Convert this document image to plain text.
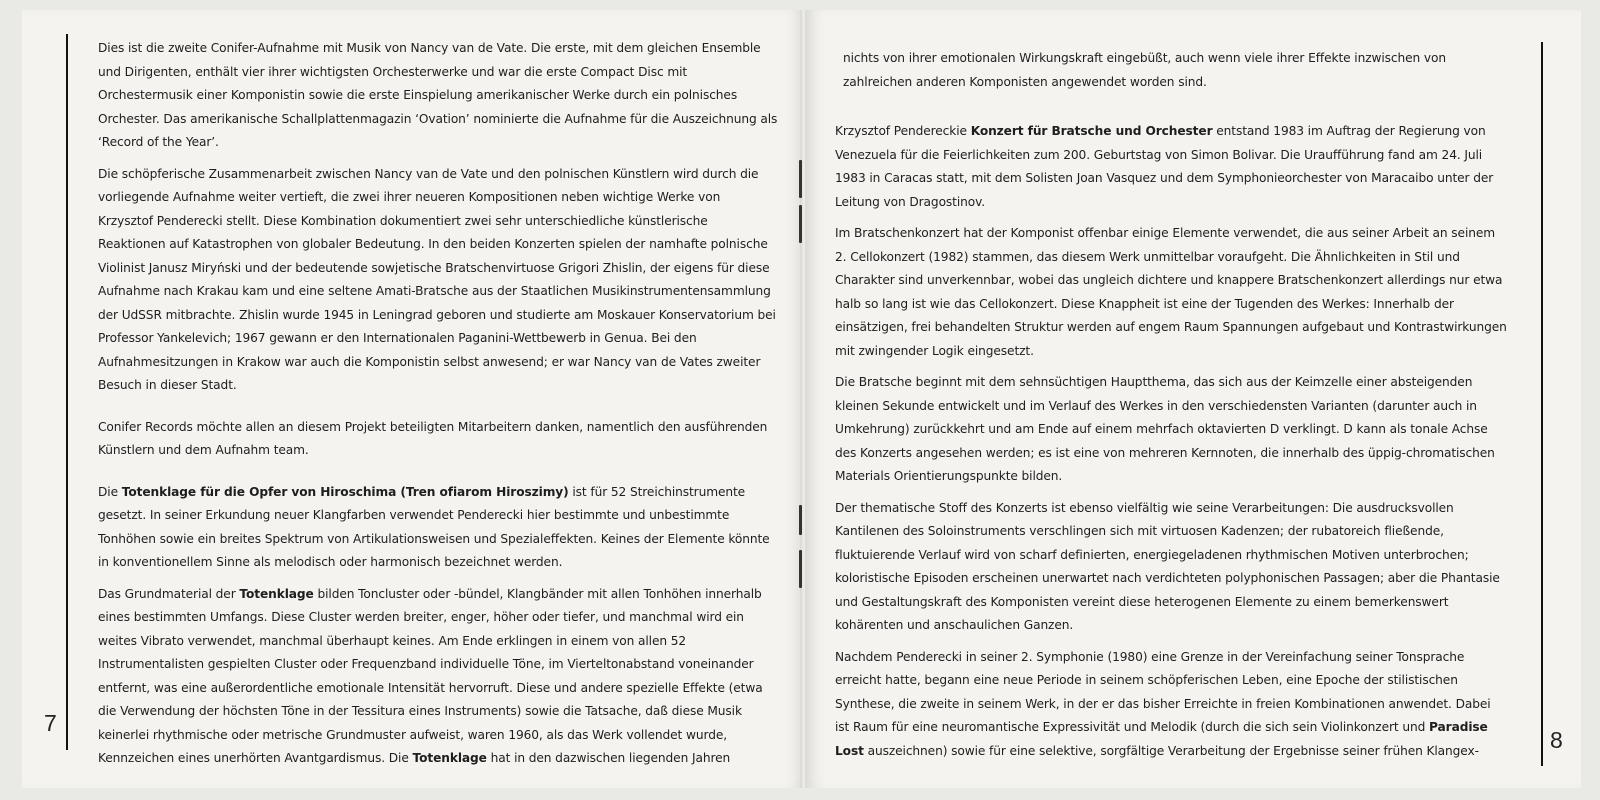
7

Dies ist die zweite Conifer-Aufnahme mit Musik von Nancy van de Vate. Die erste, mit dem gleichen Ensemble und Dirigenten, enthält vier ihrer wichtigsten Orchesterwerke und war die erste Compact Disc mit Orchestermusik einer Komponistin sowie die erste Einspielung amerikanischer Werke durch ein polnisches Orchester. Das amerikanische Schallplattenmagazin ‘Ovation’ nominierte die Aufnahme für die Auszeichnung als ‘Record of the Year’.

Die schöpferische Zusammenarbeit zwischen Nancy van de Vate und den polnischen Künstlern wird durch die vorliegende Aufnahme weiter vertieft, die zwei ihrer neueren Kompositionen neben wichtige Werke von Krzysztof Penderecki stellt. Diese Kombination dokumentiert zwei sehr unterschiedliche künstlerische Reaktionen auf Katastrophen von globaler Bedeutung. In den beiden Konzerten spielen der namhafte polnische Violinist Janusz Miryński und der bedeutende sowjetische Bratschenvirtuose Grigori Zhislin, der eigens für diese Aufnahme nach Krakau kam und eine seltene Amati-Bratsche aus der Staatlichen Musikinstrumentensammlung der UdSSR mitbrachte. Zhislin wurde 1945 in Leningrad geboren und studierte am Moskauer Konservatorium bei Professor Yankelevich; 1967 gewann er den Internationalen Paganini-Wettbewerb in Genua. Bei den Aufnahmesitzungen in Krakow war auch die Komponistin selbst anwesend; er war Nancy van de Vates zweiter Besuch in dieser Stadt.

Conifer Records möchte allen an diesem Projekt beteiligten Mitarbeitern danken, namentlich den ausführenden Künstlern und dem Aufnahm team.

Die Totenklage für die Opfer von Hiroschima (Tren ofiarom Hiroszimy) ist für 52 Streichinstrumente gesetzt. In seiner Erkundung neuer Klangfarben verwendet Penderecki hier bestimmte und unbestimmte Tonhöhen sowie ein breites Spektrum von Artikulationsweisen und Spezialeffekten. Keines der Elemente könnte in konventionellem Sinne als melodisch oder harmonisch bezeichnet werden.

Das Grundmaterial der Totenklage bilden Toncluster oder -bündel, Klangbänder mit allen Tonhöhen innerhalb eines bestimmten Umfangs. Diese Cluster werden breiter, enger, höher oder tiefer, und manchmal wird ein weites Vibrato verwendet, manchmal überhaupt keines. Am Ende erklingen in einem von allen 52 Instrumentalisten gespielten Cluster oder Frequenzband individuelle Töne, im Vierteltonabstand voneinander entfernt, was eine außerordentliche emotionale Intensität hervorruft. Diese und andere spezielle Effekte (etwa die Verwendung der höchsten Töne in der Tessitura eines Instruments) sowie die Tatsache, daß diese Musik keinerlei rhythmische oder metrische Grundmuster aufweist, waren 1960, als das Werk vollendet wurde, Kennzeichen eines unerhörten Avantgardismus. Die Totenklage hat in den dazwischen liegenden Jahren

8

nichts von ihrer emotionalen Wirkungskraft eingebüßt, auch wenn viele ihrer Effekte inzwischen von zahlreichen anderen Komponisten angewendet worden sind.

Krzysztof Pendereckie Konzert für Bratsche und Orchester entstand 1983 im Auftrag der Regierung von Venezuela für die Feierlichkeiten zum 200. Geburtstag von Simon Bolivar. Die Uraufführung fand am 24. Juli 1983 in Caracas statt, mit dem Solisten Joan Vasquez und dem Symphonieorchester von Maracaibo unter der Leitung von Dragostinov.

Im Bratschenkonzert hat der Komponist offenbar einige Elemente verwendet, die aus seiner Arbeit an seinem 2. Cellokonzert (1982) stammen, das diesem Werk unmittelbar voraufgeht. Die Ähnlichkeiten in Stil und Charakter sind unverkennbar, wobei das ungleich dichtere und knappere Bratschenkonzert allerdings nur etwa halb so lang ist wie das Cellokonzert. Diese Knappheit ist eine der Tugenden des Werkes: Innerhalb der einsätzigen, frei behandelten Struktur werden auf engem Raum Spannungen aufgebaut und Kontrastwirkungen mit zwingender Logik eingesetzt.

Die Bratsche beginnt mit dem sehnsüchtigen Hauptthema, das sich aus der Keimzelle einer absteigenden kleinen Sekunde entwickelt und im Verlauf des Werkes in den verschiedensten Varianten (darunter auch in Umkehrung) zurückkehrt und am Ende auf einem mehrfach oktavierten D verklingt. D kann als tonale Achse des Konzerts angesehen werden; es ist eine von mehreren Kernnoten, die innerhalb des üppig-chromatischen Materials Orientierungspunkte bilden.

Der thematische Stoff des Konzerts ist ebenso vielfältig wie seine Verarbeitungen: Die ausdrucksvollen Kantilenen des Soloinstruments verschlingen sich mit virtuosen Kadenzen; der rubatoreich fließende, fluktuierende Verlauf wird von scharf definierten, energiegeladenen rhythmischen Motiven unterbrochen; koloristische Episoden erscheinen unerwartet nach verdichteten polyphonischen Passagen; aber die Phantasie und Gestaltungskraft des Komponisten vereint diese heterogenen Elemente zu einem bemerkenswert kohärenten und anschaulichen Ganzen.

Nachdem Penderecki in seiner 2. Symphonie (1980) eine Grenze in der Vereinfachung seiner Tonsprache erreicht hatte, begann eine neue Periode in seinem schöpferischen Leben, eine Epoche der stilistischen Synthese, die zweite in seinem Werk, in der er das bisher Erreichte in freien Kombinationen anwendet. Dabei ist Raum für eine neuromantische Expressivität und Melodik (durch die sich sein Violinkonzert und Paradise Lost auszeichnen) sowie für eine selektive, sorgfältige Verarbeitung der Ergebnisse seiner frühen Klangex-
